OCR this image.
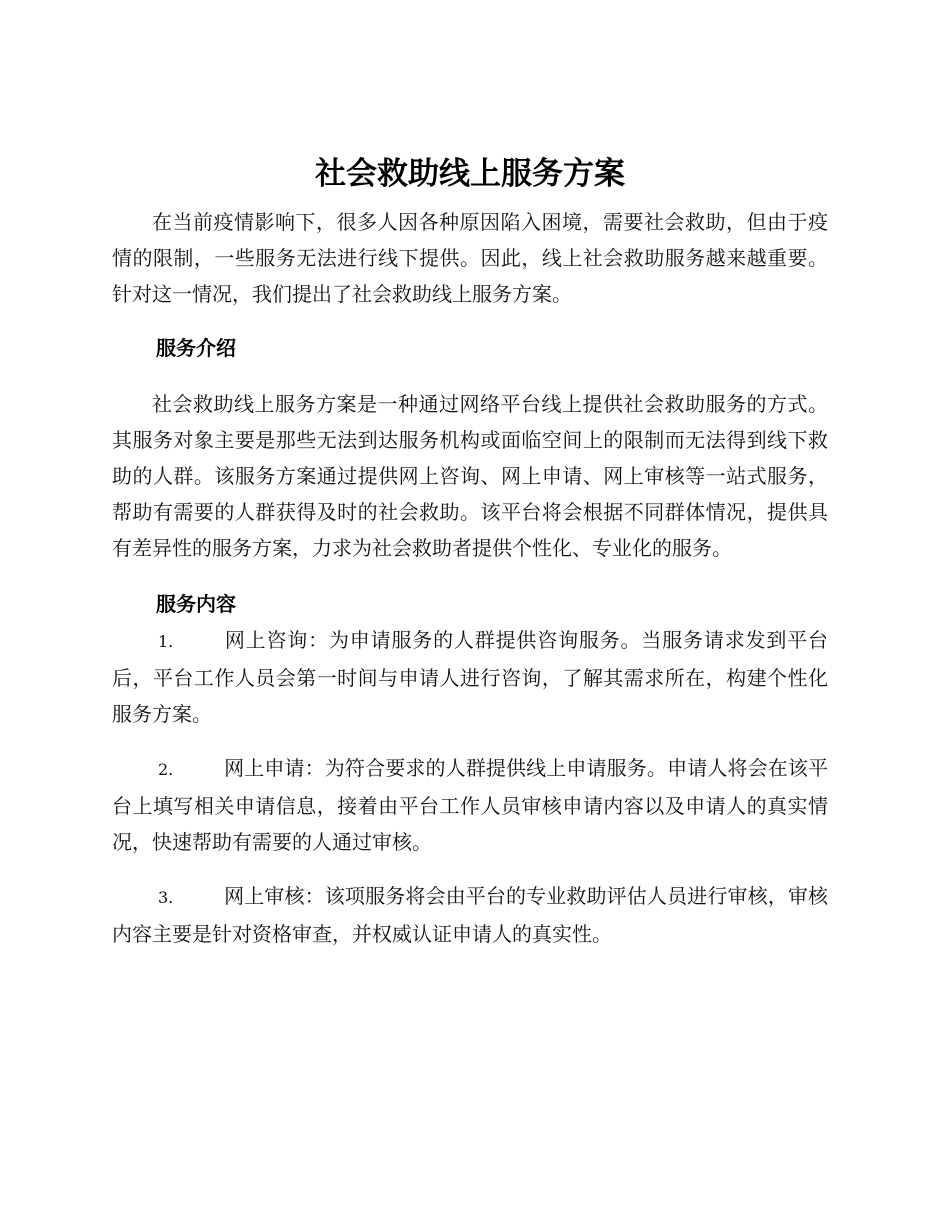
社会救助线上服务方案

在当前疫情影响下，很多人因各种原因陷入困境，需要社会救助，但由于疫情的限制，一些服务无法进行线下提供。因此，线上社会救助服务越来越重要。针对这一情况，我们提出了社会救助线上服务方案。

服务介绍

社会救助线上服务方案是一种通过网络平台线上提供社会救助服务的方式。其服务对象主要是那些无法到达服务机构或面临空间上的限制而无法得到线下救助的人群。该服务方案通过提供网上咨询、网上申请、网上审核等一站式服务，帮助有需要的人群获得及时的社会救助。该平台将会根据不同群体情况，提供具有差异性的服务方案，力求为社会救助者提供个性化、专业化的服务。

服务内容

1.	网上咨询：为申请服务的人群提供咨询服务。当服务请求发到平台后，平台工作人员会第一时间与申请人进行咨询，了解其需求所在，构建个性化服务方案。

2.	网上申请：为符合要求的人群提供线上申请服务。申请人将会在该平台上填写相关申请信息，接着由平台工作人员审核申请内容以及申请人的真实情况，快速帮助有需要的人通过审核。

3.	网上审核：该项服务将会由平台的专业救助评估人员进行审核，审核内容主要是针对资格审查，并权威认证申请人的真实性。
